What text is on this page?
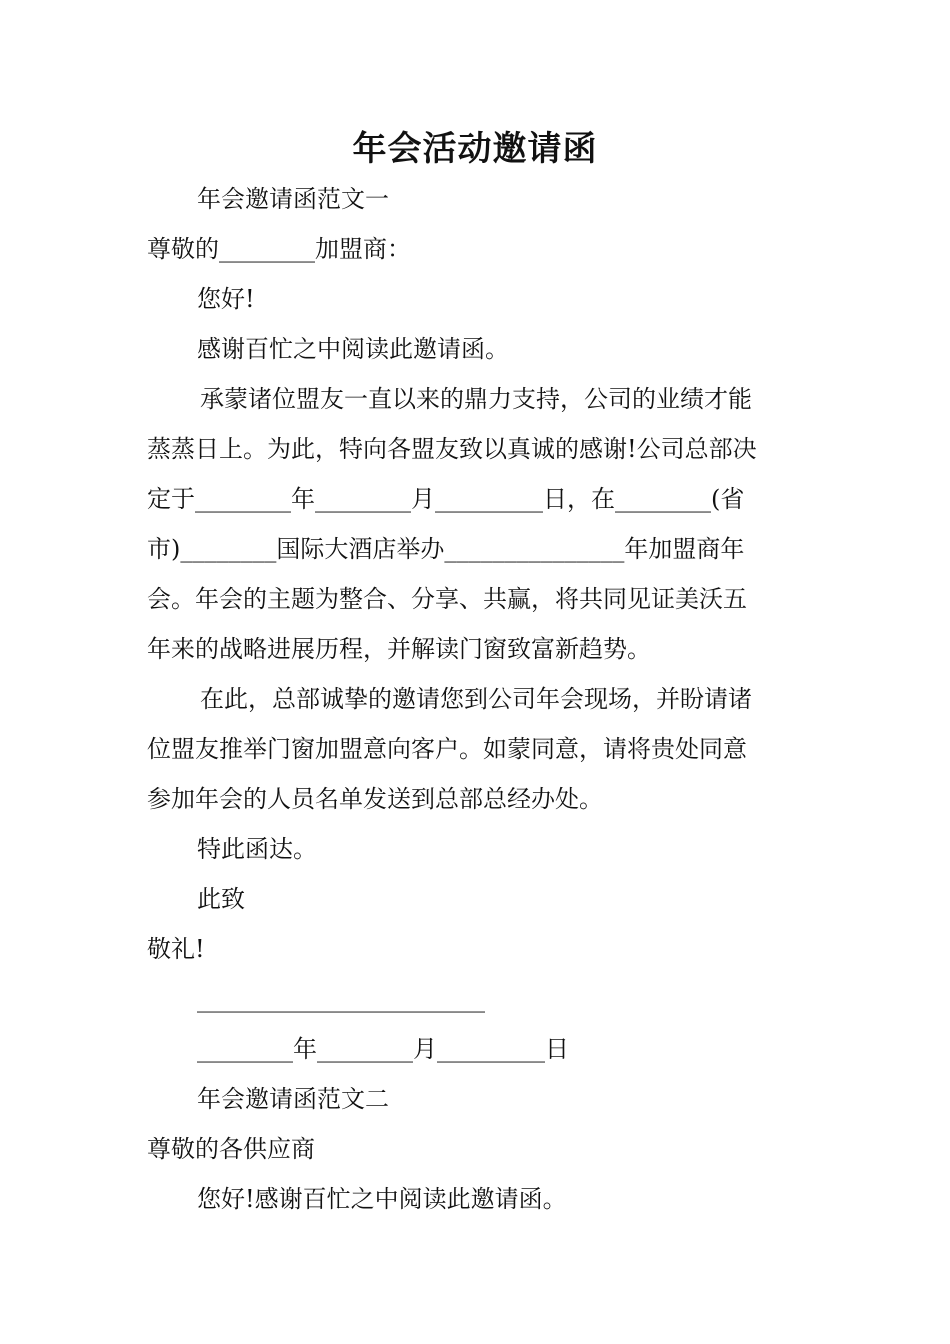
年会活动邀请函
年会邀请函范文一
尊敬的________加盟商：
您好!
感谢百忙之中阅读此邀请函。
承蒙诸位盟友一直以来的鼎力支持，公司的业绩才能
蒸蒸日上。为此，特向各盟友致以真诚的感谢!公司总部决
定于________年________月_________日，在________(省
市)________国际大酒店举办_______________年加盟商年
会。年会的主题为整合、分享、共赢，将共同见证美沃五
年来的战略进展历程，并解读门窗致富新趋势。
在此，总部诚挚的邀请您到公司年会现场，并盼请诸
位盟友推举门窗加盟意向客户。如蒙同意，请将贵处同意
参加年会的人员名单发送到总部总经办处。
特此函达。
此致
敬礼!
________________________
________年________月_________日
年会邀请函范文二
尊敬的各供应商
您好!感谢百忙之中阅读此邀请函。
